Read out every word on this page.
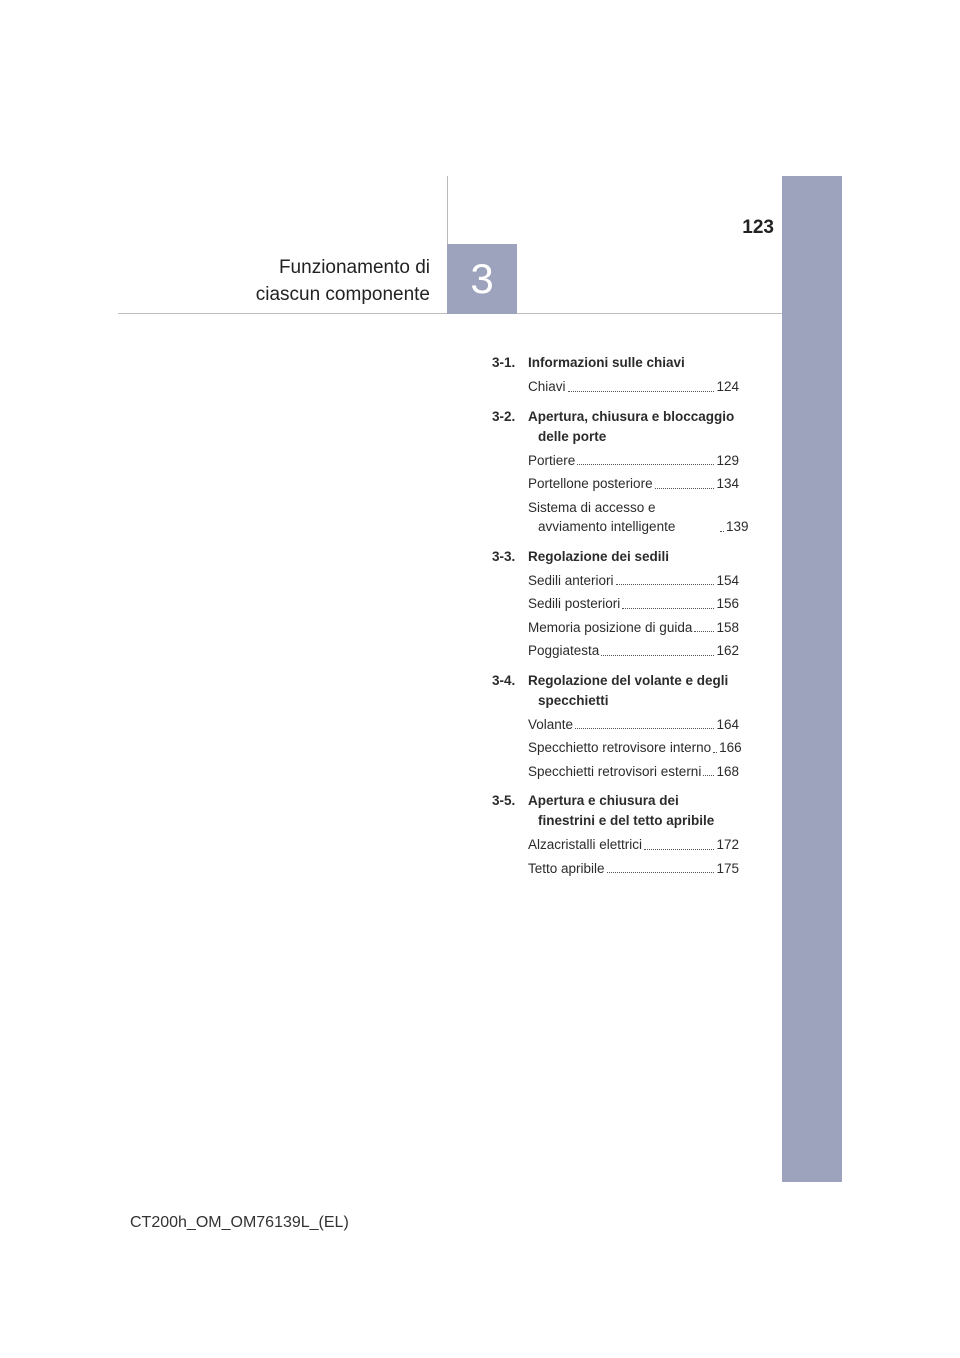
Funzionamento di
ciascun componente 3
123
3-1. Informazioni sulle chiavi
Chiavi	124
3-2. Apertura, chiusura e bloccaggio delle porte
Portiere	129
Portellone posteriore	134
Sistema di accesso e avviamento intelligente	139
3-3. Regolazione dei sedili
Sedili anteriori	154
Sedili posteriori	156
Memoria posizione di guida 158
Poggiatesta	162
3-4. Regolazione del volante e degli specchietti
Volante	164
Specchietto retrovisore interno 166
Specchietti retrovisori esterni 168
3-5. Apertura e chiusura dei finestrini e del tetto apribile
Alzacristalli elettrici	172
Tetto apribile	175
CT200h_OM_OM76139L_(EL)
